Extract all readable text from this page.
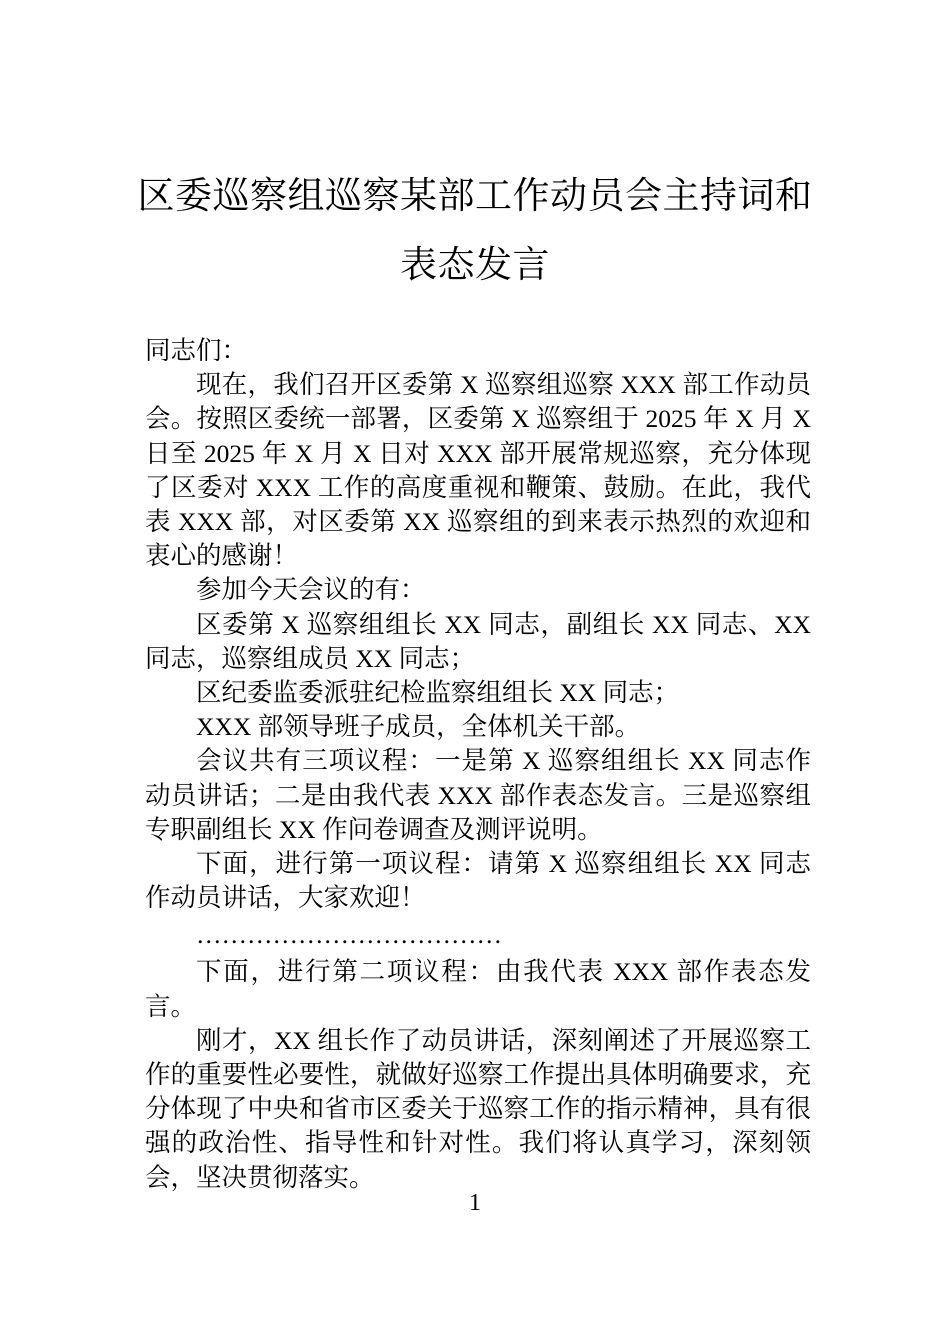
区委巡察组巡察某部工作动员会主持词和
表态发言

同志们：

现在，我们召开区委第 X 巡察组巡察 XXX 部工作动员会。按照区委统一部署，区委第 X 巡察组于 2025 年 X 月 X 日至 2025 年 X 月 X 日对 XXX 部开展常规巡察，充分体现了区委对 XXX 工作的高度重视和鞭策、鼓励。在此，我代表 XXX 部，对区委第 XX 巡察组的到来表示热烈的欢迎和衷心的感谢！

参加今天会议的有：

区委第 X 巡察组组长 XX 同志，副组长 XX 同志、XX 同志，巡察组成员 XX 同志；

区纪委监委派驻纪检监察组组长 XX 同志；

XXX 部领导班子成员，全体机关干部。

会议共有三项议程：一是第 X 巡察组组长 XX 同志作动员讲话；二是由我代表 XXX 部作表态发言。三是巡察组专职副组长 XX 作问卷调查及测评说明。

下面，进行第一项议程：请第 X 巡察组组长 XX 同志作动员讲话，大家欢迎！

………………………………

下面，进行第二项议程：由我代表 XXX 部作表态发言。

刚才，XX 组长作了动员讲话，深刻阐述了开展巡察工作的重要性必要性，就做好巡察工作提出具体明确要求，充分体现了中央和省市区委关于巡察工作的指示精神，具有很强的政治性、指导性和针对性。我们将认真学习，深刻领会，坚决贯彻落实。

1
